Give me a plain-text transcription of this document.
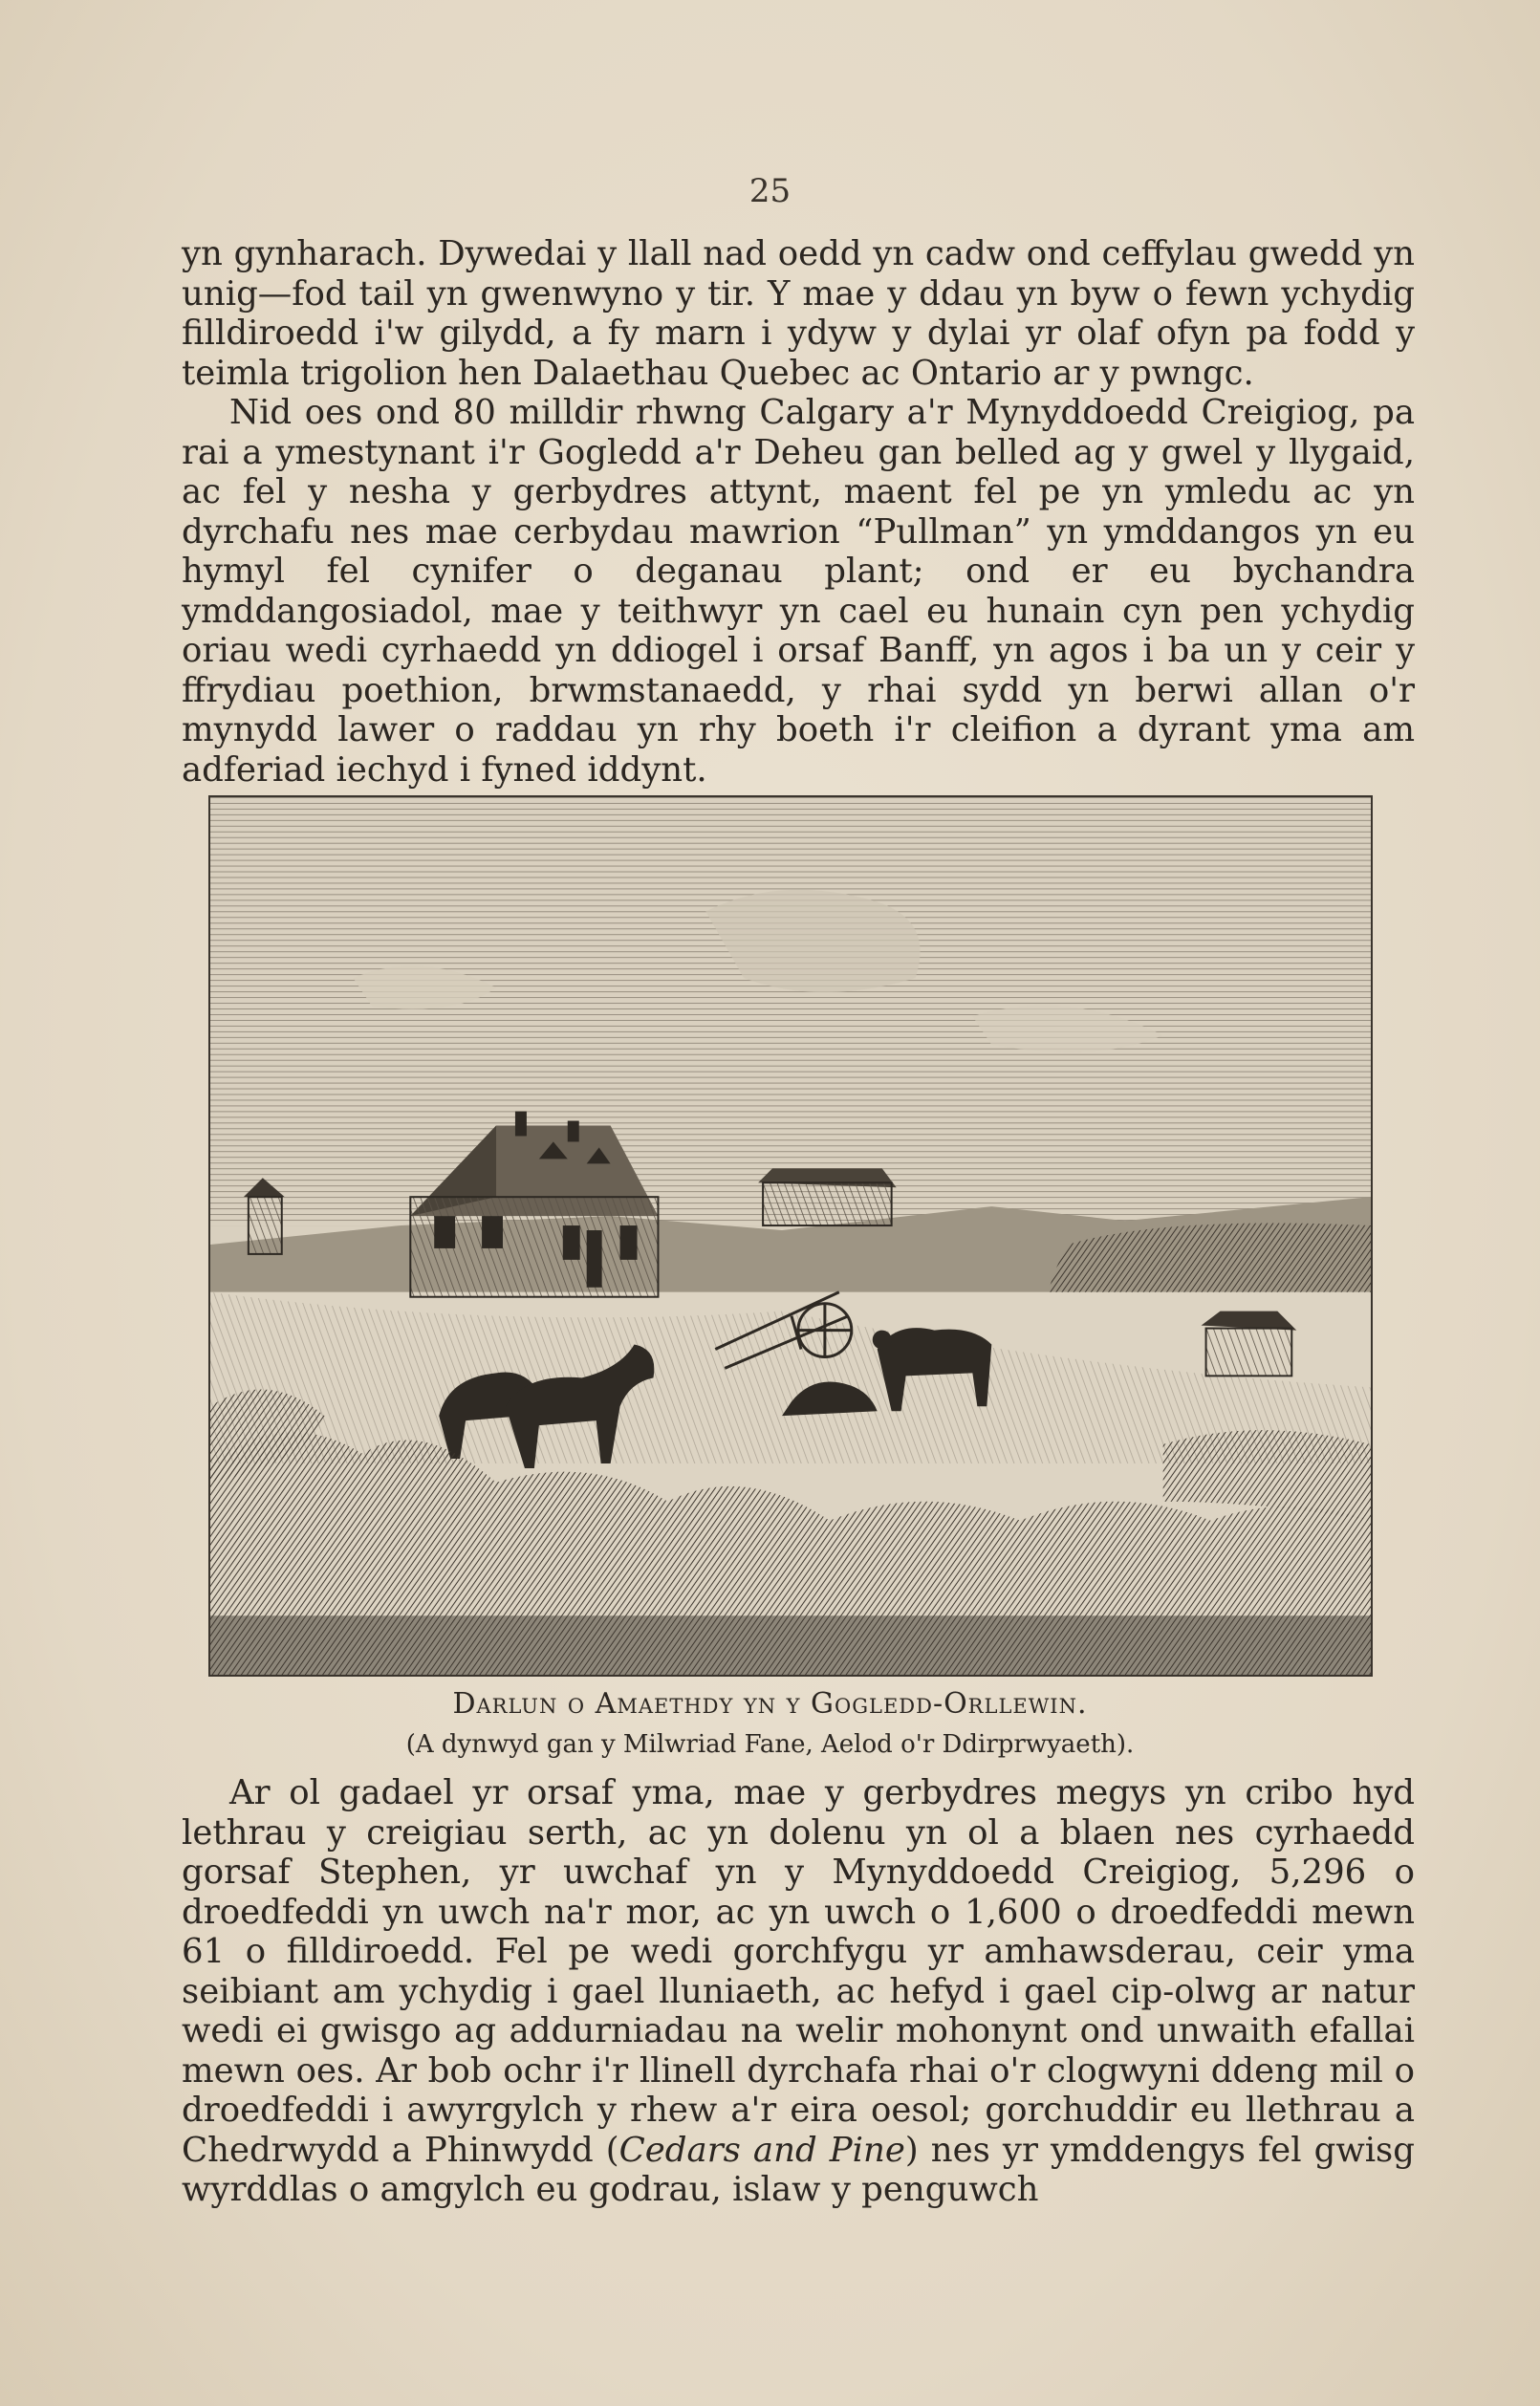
25
yn gynharach. Dywedai y llall nad oedd yn cadw ond ceffylau gwedd yn unig—fod tail yn gwenwyno y tir. Y mae y ddau yn byw o fewn ychydig filldiroedd i'w gilydd, a fy marn i ydyw y dylai yr olaf ofyn pa fodd y teimla trigolion hen Dalaethau Quebec ac Ontario ar y pwngc.
Nid oes ond 80 milldir rhwng Calgary a'r Mynyddoedd Creigiog, pa rai a ymestynant i'r Gogledd a'r Deheu gan belled ag y gwel y llygaid, ac fel y nesha y gerbydres attynt, maent fel pe yn ymledu ac yn dyrchafu nes mae cerbydau mawrion “Pullman” yn ymddangos yn eu hymyl fel cynifer o deganau plant; ond er eu bychandra ymddangosiadol, mae y teithwyr yn cael eu hunain cyn pen ychydig oriau wedi cyrhaedd yn ddiogel i orsaf Banff, yn agos i ba un y ceir y ffrydiau poethion, brwmstanaedd, y rhai sydd yn berwi allan o'r mynydd lawer o raddau yn rhy boeth i'r cleifion a dyrant yma am adferiad iechyd i fyned iddynt.
Darlun o Amaethdy yn y Gogledd-Orllewin.
(A dynwyd gan y Milwriad Fane, Aelod o'r Ddirprwyaeth).
Ar ol gadael yr orsaf yma, mae y gerbydres megys yn cribo hyd lethrau y creigiau serth, ac yn dolenu yn ol a blaen nes cyrhaedd gorsaf Stephen, yr uwchaf yn y Mynyddoedd Creigiog, 5,296 o droedfeddi yn uwch na'r mor, ac yn uwch o 1,600 o droedfeddi mewn 61 o filldiroedd. Fel pe wedi gorchfygu yr amhawsderau, ceir yma seibiant am ychydig i gael lluniaeth, ac hefyd i gael cip-olwg ar natur wedi ei gwisgo ag addurniadau na welir mohonynt ond unwaith efallai mewn oes. Ar bob ochr i'r llinell dyrchafa rhai o'r clogwyni ddeng mil o droedfeddi i awyrgylch y rhew a'r eira oesol; gorchuddir eu llethrau a Chedrwydd a Phinwydd (Cedars and Pine) nes yr ymddengys fel gwisg wyrddlas o amgylch eu godrau, islaw y penguwch
